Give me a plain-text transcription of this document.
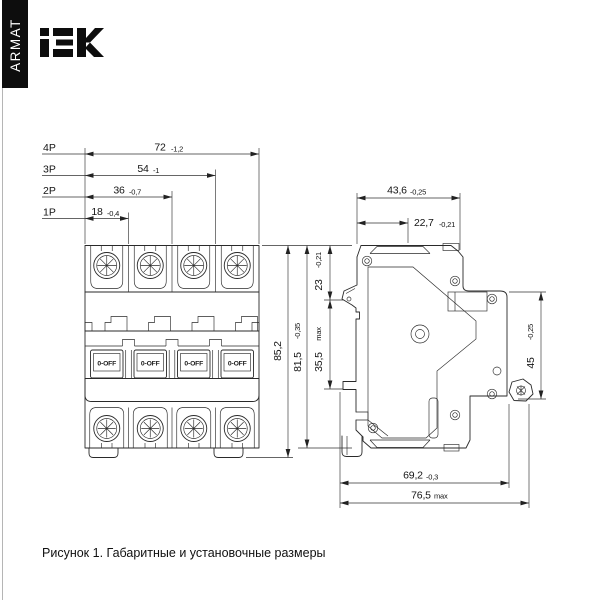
ARMAT
4P
3P
2P
1P
72 -1,2
54 -1
36 -0,7
18 -0,4
85,2
81,5
-0,35
23
-0,21
35,5
max
43,6 -0,25
22,7 -0,21
45
-0,25
69,2 -0,3
76,5 max
Рисунок 1. Габаритные и установочные размеры
